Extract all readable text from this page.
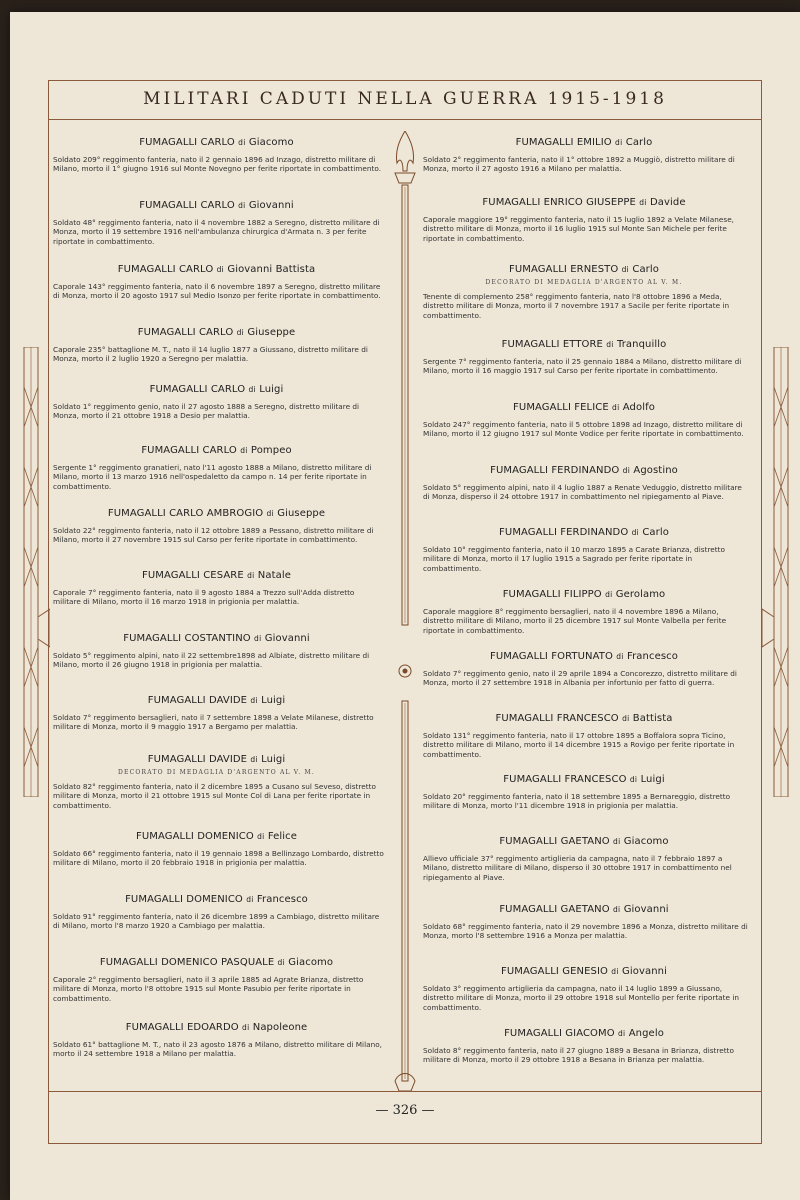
MILITARI CADUTI NELLA GUERRA 1915-1918
FUMAGALLI CARLO di Giacomo

Soldato 209° reggimento fanteria, nato il 2 gennaio 1896 ad Inzago, distretto militare di Milano, morto il 1° giugno 1916 sul Monte Novegno per ferite riportate in combattimento.

FUMAGALLI CARLO di Giovanni

Soldato 48° reggimento fanteria, nato il 4 novembre 1882 a Seregno, distretto militare di Monza, morto il 19 settembre 1916 nell'ambulanza chirurgica d'Armata n. 3 per ferite riportate in combattimento.

FUMAGALLI CARLO di Giovanni Battista

Caporale 143° reggimento fanteria, nato il 6 novembre 1897 a Seregno, distretto militare di Monza, morto il 20 agosto 1917 sul Medio Isonzo per ferite riportate in combattimento.

FUMAGALLI CARLO di Giuseppe

Caporale 235° battaglione M. T., nato il 14 luglio 1877 a Giussano, distretto militare di Monza, morto il 2 luglio 1920 a Seregno per malattia.

FUMAGALLI CARLO di Luigi

Soldato 1° reggimento genio, nato il 27 agosto 1888 a Seregno, distretto militare di Monza, morto il 21 ottobre 1918 a Desio per malattia.

FUMAGALLI CARLO di Pompeo

Sergente 1° reggimento granatieri, nato l'11 agosto 1888 a Milano, distretto militare di Milano, morto il 13 marzo 1916 nell'ospedaletto da campo n. 14 per ferite riportate in combattimento.

FUMAGALLI CARLO AMBROGIO di Giuseppe

Soldato 22° reggimento fanteria, nato il 12 ottobre 1889 a Pessano, distretto militare di Milano, morto il 27 novembre 1915 sul Carso per ferite riportate in combattimento.

FUMAGALLI CESARE di Natale

Caporale 7° reggimento fanteria, nato il 9 agosto 1884 a Trezzo sull'Adda distretto militare di Milano, morto il 16 marzo 1918 in prigionia per malattia.

FUMAGALLI COSTANTINO di Giovanni

Soldato 5° reggimento alpini, nato il 22 settembre1898 ad Albiate, distretto militare di Milano, morto il 26 giugno 1918 in prigionia per malattia.

FUMAGALLI DAVIDE di Luigi

Soldato 7° reggimento bersaglieri, nato il 7 settembre 1898 a Velate Milanese, distretto militare di Monza, morto il 9 maggio 1917 a Bergamo per malattia.

FUMAGALLI DAVIDE di Luigi
DECORATO DI MEDAGLIA D'ARGENTO AL V. M.

Soldato 82° reggimento fanteria, nato il 2 dicembre 1895 a Cusano sul Seveso, distretto militare di Monza, morto il 21 ottobre 1915 sul Monte Col di Lana per ferite riportate in combattimento.

FUMAGALLI DOMENICO di Felice

Soldato 66° reggimento fanteria, nato il 19 gennaio 1898 a Bellinzago Lombardo, distretto militare di Milano, morto il 20 febbraio 1918 in prigionia per malattia.

FUMAGALLI DOMENICO di Francesco

Soldato 91° reggimento fanteria, nato il 26 dicembre 1899 a Cambiago, distretto militare di Milano, morto l'8 marzo 1920 a Cambiago per malattia.

FUMAGALLI DOMENICO PASQUALE di Giacomo

Caporale 2° reggimento bersaglieri, nato il 3 aprile 1885 ad Agrate Brianza, distretto militare di Monza, morto l'8 ottobre 1915 sul Monte Pasubio per ferite riportate in combattimento.

FUMAGALLI EDOARDO di Napoleone

Soldato 61° battaglione M. T., nato il 23 agosto 1876 a Milano, distretto militare di Milano, morto il 24 settembre 1918 a Milano per malattia.

FUMAGALLI EMILIO di Carlo

Soldato 2° reggimento fanteria, nato il 1° ottobre 1892 a Muggiò, distretto militare di Monza, morto il 27 agosto 1916 a Milano per malattia.

FUMAGALLI ENRICO GIUSEPPE di Davide

Caporale maggiore 19° reggimento fanteria, nato il 15 luglio 1892 a Velate Milanese, distretto militare di Monza, morto il 16 luglio 1915 sul Monte San Michele per ferite riportate in combattimento.

FUMAGALLI ERNESTO di Carlo
DECORATO DI MEDAGLIA D'ARGENTO AL V. M.

Tenente di complemento 258° reggimento fanteria, nato l'8 ottobre 1896 a Meda, distretto militare di Monza, morto il 7 novembre 1917 a Sacile per ferite riportate in combattimento.

FUMAGALLI ETTORE di Tranquillo

Sergente 7° reggimento fanteria, nato il 25 gennaio 1884 a Milano, distretto militare di Milano, morto il 16 maggio 1917 sul Carso per ferite riportate in combattimento.

FUMAGALLI FELICE di Adolfo

Soldato 247° reggimento fanteria, nato il 5 ottobre 1898 ad Inzago, distretto militare di Milano, morto il 12 giugno 1917 sul Monte Vodice per ferite riportate in combattimento.

FUMAGALLI FERDINANDO di Agostino

Soldato 5° reggimento alpini, nato il 4 luglio 1887 a Renate Veduggio, distretto militare di Monza, disperso il 24 ottobre 1917 in combattimento nel ripiegamento al Piave.

FUMAGALLI FERDINANDO di Carlo

Soldato 10° reggimento fanteria, nato il 10 marzo 1895 a Carate Brianza, distretto militare di Monza, morto il 17 luglio 1915 a Sagrado per ferite riportate in combattimento.

FUMAGALLI FILIPPO di Gerolamo

Caporale maggiore 8° reggimento bersaglieri, nato il 4 novembre 1896 a Milano, distretto militare di Milano, morto il 25 dicembre 1917 sul Monte Valbella per ferite riportate in combattimento.

FUMAGALLI FORTUNATO di Francesco

Soldato 7° reggimento genio, nato il 29 aprile 1894 a Concorezzo, distretto militare di Monza, morto il 27 settembre 1918 in Albania per infortunio per fatto di guerra.

FUMAGALLI FRANCESCO di Battista

Soldato 131° reggimento fanteria, nato il 17 ottobre 1895 a Boffalora sopra Ticino, distretto militare di Milano, morto il 14 dicembre 1915 a Rovigo per ferite riportate in combattimento.

FUMAGALLI FRANCESCO di Luigi

Soldato 20° reggimento fanteria, nato il 18 settembre 1895 a Bernareggio, distretto militare di Monza, morto l'11 dicembre 1918 in prigionia per malattia.

FUMAGALLI GAETANO di Giacomo

Allievo ufficiale 37° reggimento artiglieria da campagna, nato il 7 febbraio 1897 a Milano, distretto militare di Milano, disperso il 30 ottobre 1917 in combattimento nel ripiegamento al Piave.

FUMAGALLI GAETANO di Giovanni

Soldato 68° reggimento fanteria, nato il 29 novembre 1896 a Monza, distretto militare di Monza, morto l'8 settembre 1916 a Monza per malattia.

FUMAGALLI GENESIO di Giovanni

Soldato 3° reggimento artiglieria da campagna, nato il 14 luglio 1899 a Giussano, distretto militare di Monza, morto il 29 ottobre 1918 sul Montello per ferite riportate in combattimento.

FUMAGALLI GIACOMO di Angelo

Soldato 8° reggimento fanteria, nato il 27 giugno 1889 a Besana in Brianza, distretto militare di Monza, morto il 29 ottobre 1918 a Besana in Brianza per malattia.

— 326 —
